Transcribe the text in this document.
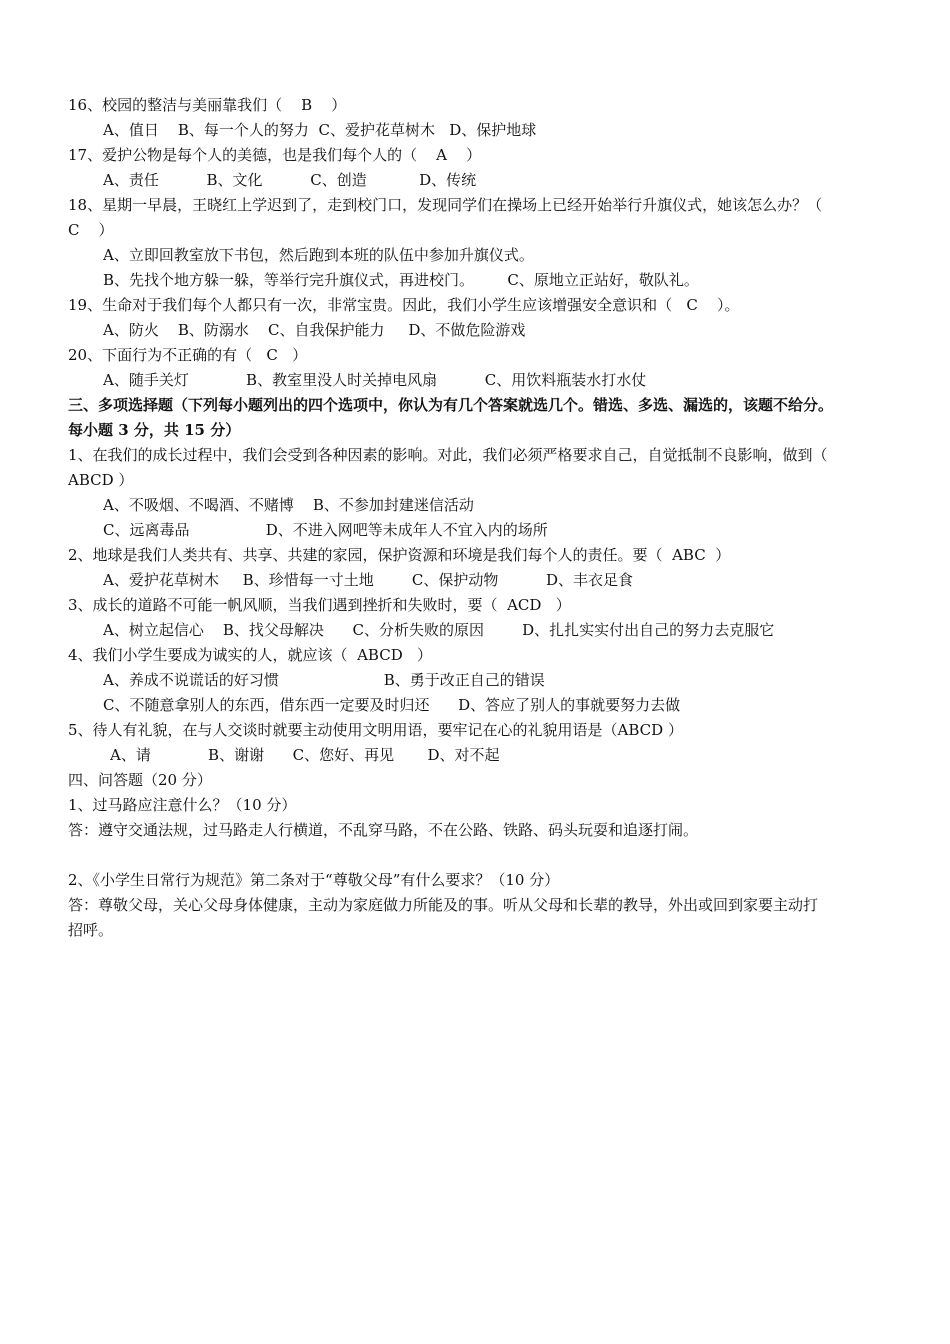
16、校园的整洁与美丽靠我们（    B    ）
A、值日    B、每一个人的努力  C、爱护花草树木   D、保护地球
17、爱护公物是每个人的美德，也是我们每个人的（    A    ）
A、责任          B、文化          C、创造           D、传统
18、星期一早晨，王晓红上学迟到了，走到校门口，发现同学们在操场上已经开始举行升旗仪式，她该怎么办？（
C    ）
A、立即回教室放下书包，然后跑到本班的队伍中参加升旗仪式。
B、先找个地方躲一躲，等举行完升旗仪式，再进校门。       C、原地立正站好，敬队礼。
19、生命对于我们每个人都只有一次，非常宝贵。因此，我们小学生应该增强安全意识和（   C    ）。
A、防火    B、防溺水    C、自我保护能力     D、不做危险游戏
20、下面行为不正确的有（   C   ）
A、随手关灯            B、教室里没人时关掉电风扇          C、用饮料瓶装水打水仗
三、多项选择题（下列每小题列出的四个选项中，你认为有几个答案就选几个。错选、多选、漏选的，该题不给分。
每小题 3 分，共 15 分）
1、在我们的成长过程中，我们会受到各种因素的影响。对此，我们必须严格要求自己，自觉抵制不良影响，做到（
ABCD ）
A、不吸烟、不喝酒、不赌博    B、不参加封建迷信活动
C、远离毒品                D、不进入网吧等未成年人不宜入内的场所
2、地球是我们人类共有、共享、共建的家园，保护资源和环境是我们每个人的责任。要（  ABC  ）
A、爱护花草树木     B、珍惜每一寸土地        C、保护动物          D、丰衣足食
3、成长的道路不可能一帆风顺，当我们遇到挫折和失败时，要（  ACD   ）
A、树立起信心    B、找父母解决      C、分析失败的原因        D、扎扎实实付出自己的努力去克服它
4、我们小学生要成为诚实的人，就应该（  ABCD   ）
A、养成不说谎话的好习惯                      B、勇于改正自己的错误
C、不随意拿别人的东西，借东西一定要及时归还      D、答应了别人的事就要努力去做
5、待人有礼貌，在与人交谈时就要主动使用文明用语，要牢记在心的礼貌用语是（ABCD ）
A、请            B、谢谢      C、您好、再见       D、对不起
四、问答题（20 分）
1、过马路应注意什么？（10 分）
答：遵守交通法规，过马路走人行横道，不乱穿马路，不在公路、铁路、码头玩耍和追逐打闹。
2、《小学生日常行为规范》第二条对于“尊敬父母”有什么要求？（10 分）
答：尊敬父母，关心父母身体健康，主动为家庭做力所能及的事。听从父母和长辈的教导，外出或回到家要主动打
招呼。
